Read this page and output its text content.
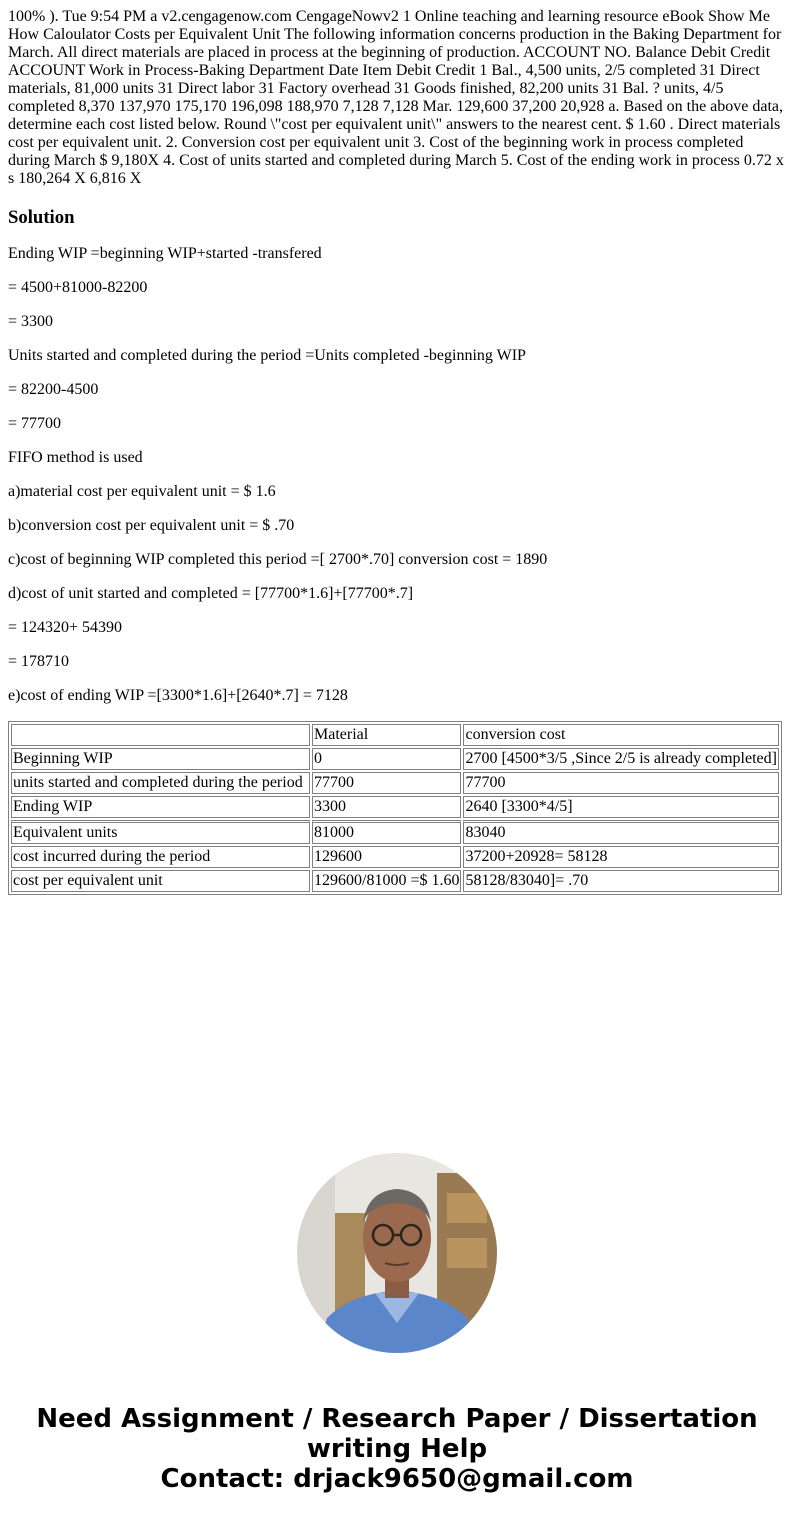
100% ). Tue 9:54 PM a v2.cengagenow.com CengageNowv2 1 Online teaching and learning resource eBook Show Me How Caloulator Costs per Equivalent Unit The following information concerns production in the Baking Department for March. All direct materials are placed in process at the beginning of production. ACCOUNT NO. Balance Debit Credit ACCOUNT Work in Process-Baking Department Date Item Debit Credit 1 Bal., 4,500 units, 2/5 completed 31 Direct materials, 81,000 units 31 Direct labor 31 Factory overhead 31 Goods finished, 82,200 units 31 Bal. ? units, 4/5 completed 8,370 137,970 175,170 196,098 188,970 7,128 7,128 Mar. 129,600 37,200 20,928 a. Based on the above data, determine each cost listed below. Round \"cost per equivalent unit\" answers to the nearest cent. $ 1.60 . Direct materials cost per equivalent unit. 2. Conversion cost per equivalent unit 3. Cost of the beginning work in process completed during March $ 9,180X 4. Cost of units started and completed during March 5. Cost of the ending work in process 0.72 x s 180,264 X 6,816 X

Solution

Ending WIP =beginning WIP+started -transfered

= 4500+81000-82200

= 3300

Units started and completed during the period =Units completed -beginning WIP

= 82200-4500

= 77700

FIFO method is used

a)material cost per equivalent unit = $ 1.6

b)conversion cost per equivalent unit = $ .70

c)cost of beginning WIP completed this period =[ 2700*.70] conversion cost = 1890

d)cost of unit started and completed = [77700*1.6]+[77700*.7]

= 124320+ 54390

= 178710

e)cost of ending WIP =[3300*1.6]+[2640*.7] = 7128

	Material	conversion cost
Beginning WIP	0	2700 [4500*3/5 ,Since 2/5 is already completed]
units started and completed during the period	77700	77700
Ending WIP	3300	2640 [3300*4/5]
Equivalent units	81000	83040
cost incurred during the period	129600	37200+20928= 58128
cost per equivalent unit	129600/81000 =$ 1.60	58128/83040]= .70
Need Assignment / Research Paper / Dissertation writing Help
Contact: drjack9650@gmail.com
